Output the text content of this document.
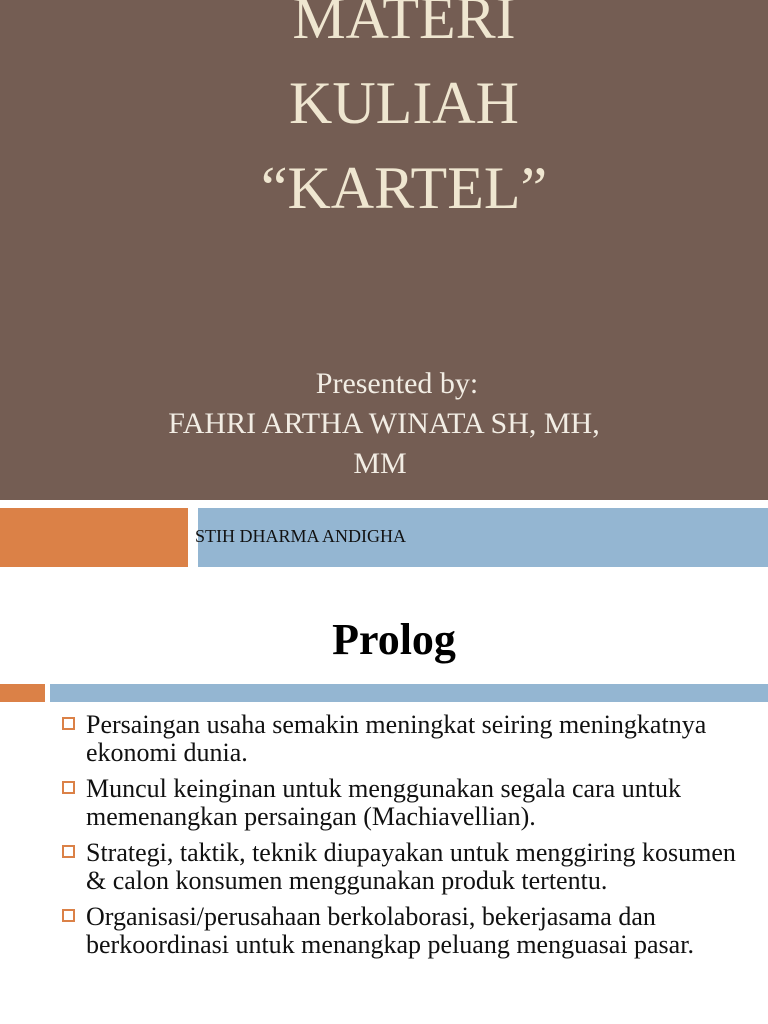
MATERI
KULIAH
“KARTEL”
Presented by:
FAHRI ARTHA WINATA SH, MH,
MM
STIH DHARMA ANDIGHA
Prolog
Persaingan usaha semakin meningkat seiring meningkatnya ekonomi dunia.
Muncul keinginan untuk menggunakan segala cara untuk memenangkan persaingan (Machiavellian).
Strategi, taktik, teknik diupayakan untuk menggiring kosumen & calon konsumen menggunakan produk tertentu.
Organisasi/perusahaan berkolaborasi, bekerjasama dan berkoordinasi untuk menangkap peluang menguasai pasar.
